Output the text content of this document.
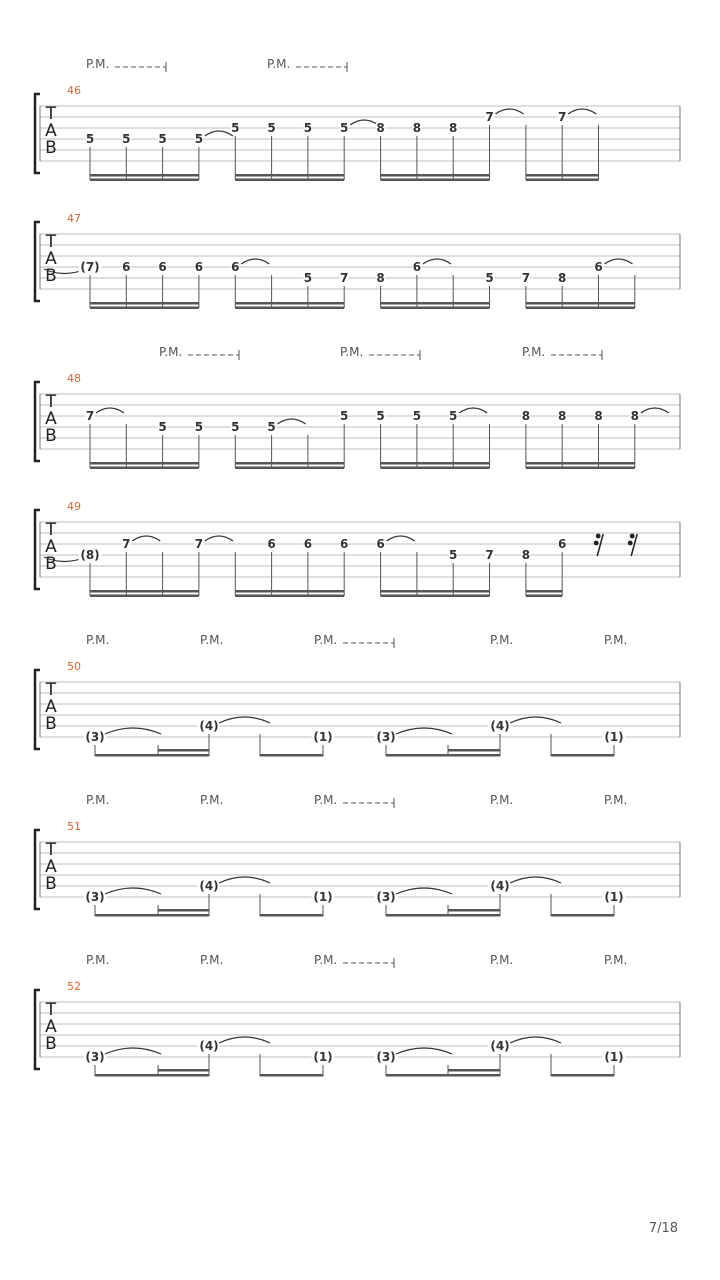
T
A
B
46
P.M.	P.M.
5 5 5 5
5 5 5 5 8 8 8
7	7
T
A
B
47
(7) 6 6 6 6
5 7 8
6
5 7 8
6
T
A
B
48
P.M.	P.M.	P.M.
7
5 5 5 5
5 5 5 5	8 8 8 8
T
A
B
49
(8)
7	7	6 6 6 6
5 7 8
6
T
A
B
50
P.M.	P.M.	P.M.	P.M.	P.M.
(3)
(4)
(1)	(3)
(4)
(1)
T
A
B
51
P.M.	P.M.	P.M.	P.M.	P.M.
(3)
(4)
(1)	(3)
(4)
(1)
T
A
B
52
P.M.	P.M.	P.M.	P.M.	P.M.
(3)
(4)
(1)	(3)
(4)
(1)
7/18
